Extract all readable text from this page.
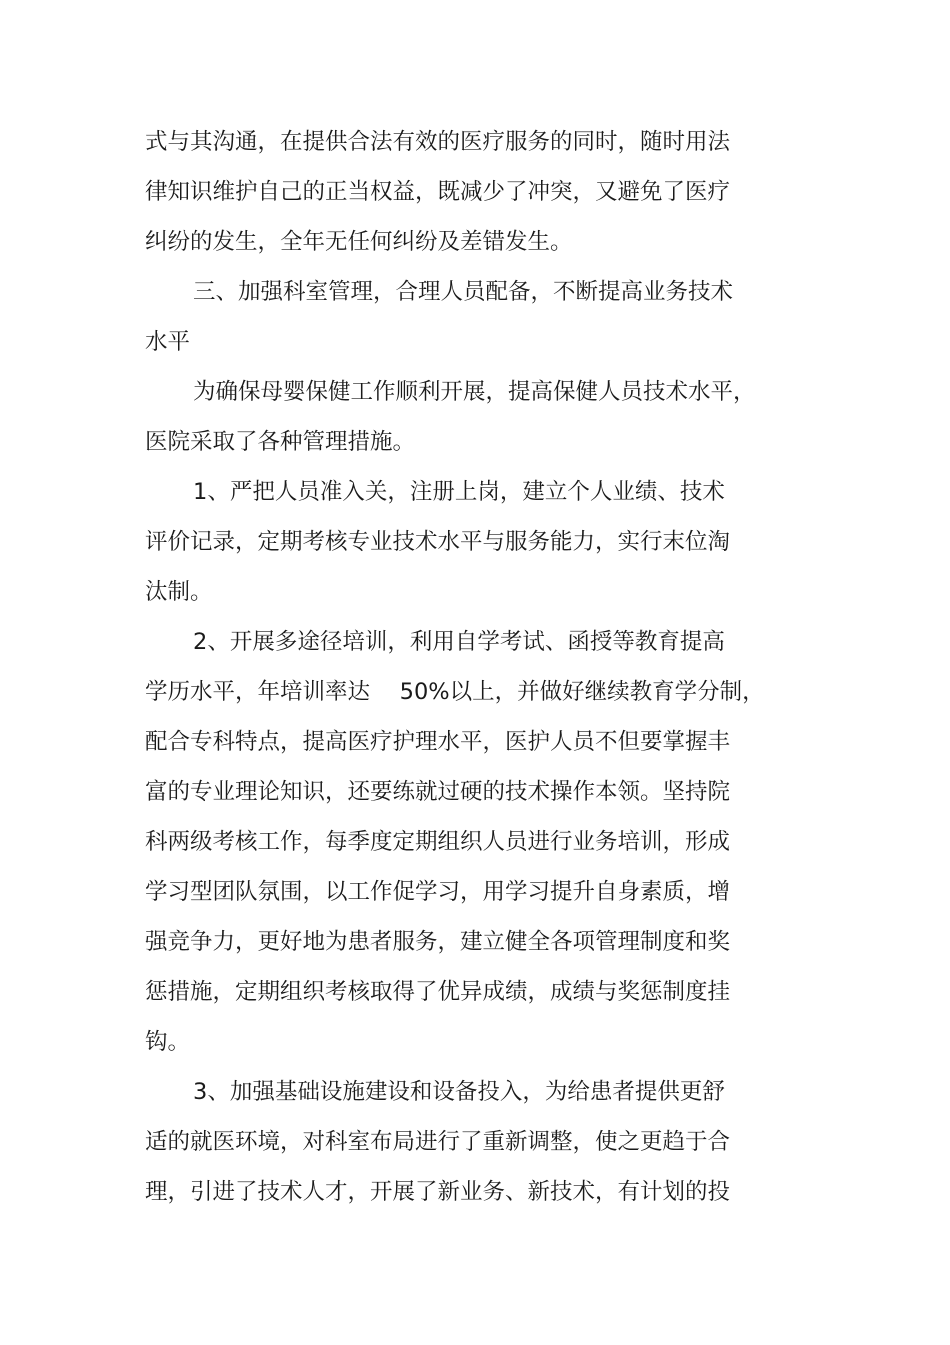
式与其沟通，在提供合法有效的医疗服务的同时，随时用法
律知识维护自己的正当权益，既减少了冲突，又避免了医疗
纠纷的发生，全年无任何纠纷及差错发生。
三、加强科室管理，合理人员配备，不断提高业务技术
水平
为确保母婴保健工作顺利开展，提高保健人员技术水平，
医院采取了各种管理措施。
1、严把人员准入关，注册上岗，建立个人业绩、技术
评价记录，定期考核专业技术水平与服务能力，实行末位淘
汰制。
2、开展多途径培训，利用自学考试、函授等教育提高
学历水平，年培训率达　 50%以上，并做好继续教育学分制，
配合专科特点，提高医疗护理水平，医护人员不但要掌握丰
富的专业理论知识，还要练就过硬的技术操作本领。坚持院
科两级考核工作，每季度定期组织人员进行业务培训，形成
学习型团队氛围，以工作促学习，用学习提升自身素质，增
强竞争力，更好地为患者服务，建立健全各项管理制度和奖
惩措施，定期组织考核取得了优异成绩，成绩与奖惩制度挂
钩。
3、加强基础设施建设和设备投入，为给患者提供更舒
适的就医环境，对科室布局进行了重新调整，使之更趋于合
理，引进了技术人才，开展了新业务、新技术，有计划的投
